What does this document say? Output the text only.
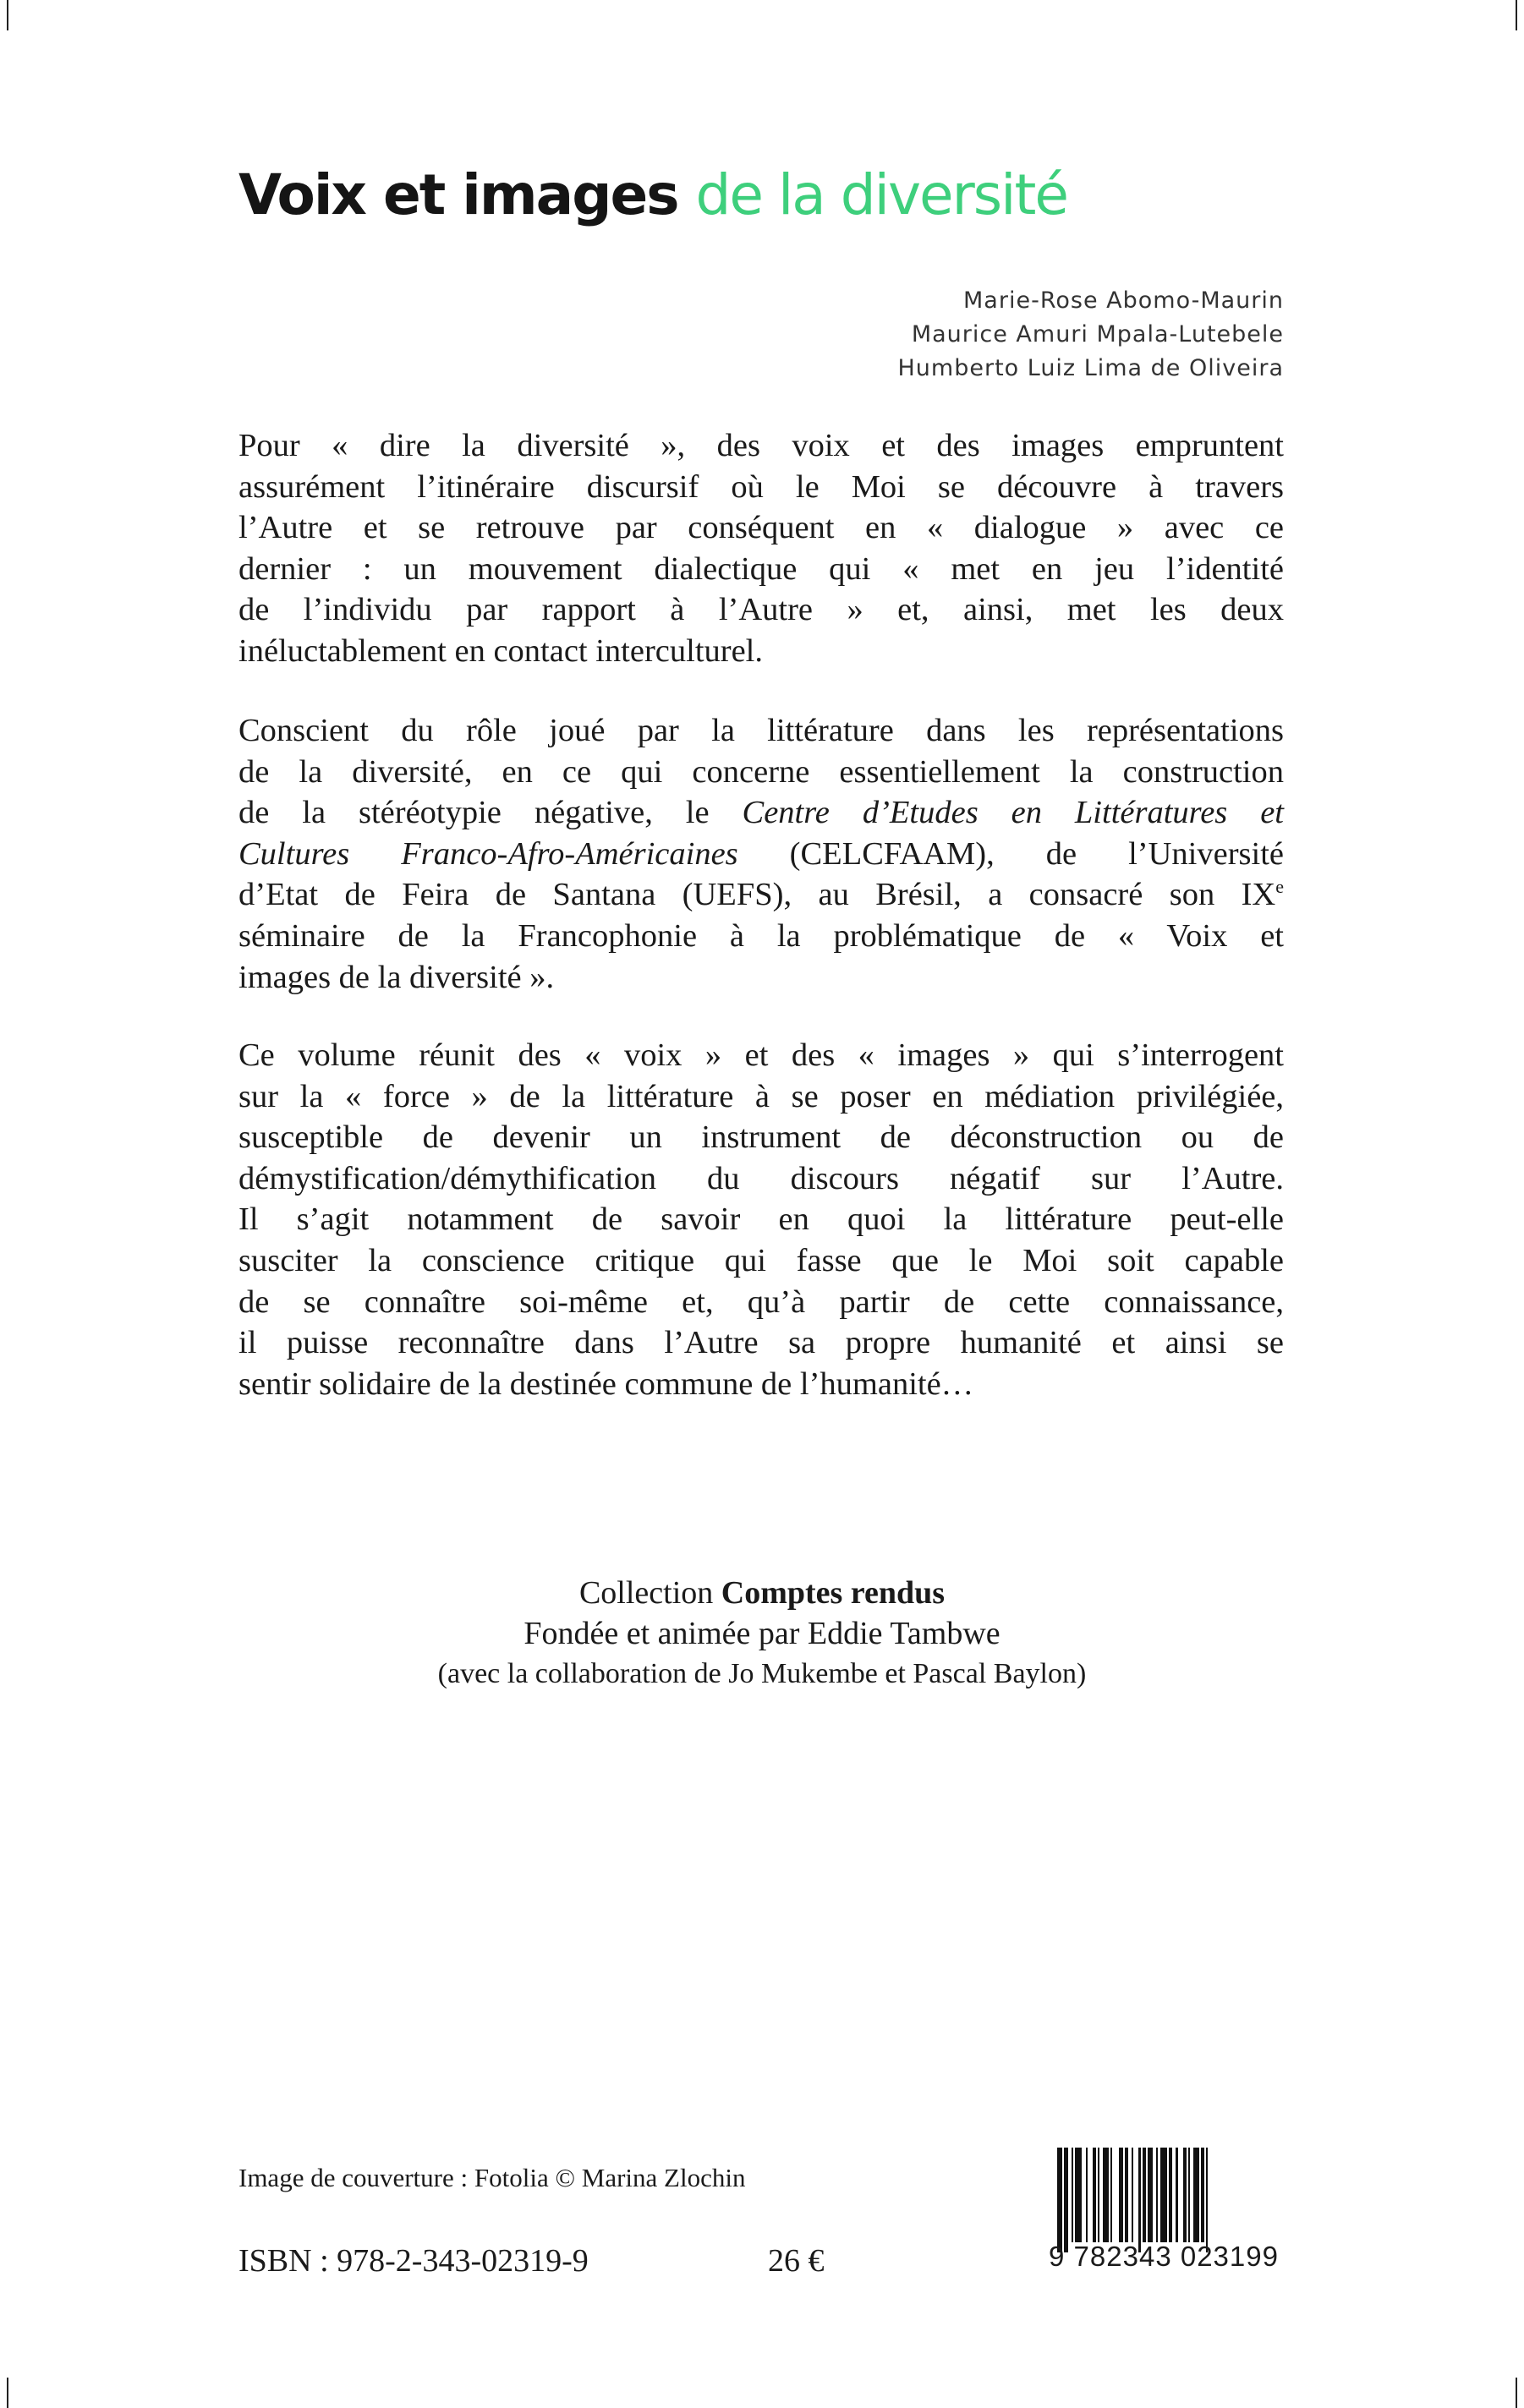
Voix et images de la diversité
Marie-Rose Abomo-Maurin
Maurice Amuri Mpala-Lutebele
Humberto Luiz Lima de Oliveira
Pour « dire la diversité », des voix et des images empruntent
assurément l’itinéraire discursif où le Moi se découvre à travers
l’Autre et se retrouve par conséquent en « dialogue » avec ce
dernier : un mouvement dialectique qui « met en jeu l’identité
de l’individu par rapport à l’Autre » et, ainsi, met les deux
inéluctablement en contact interculturel.
Conscient du rôle joué par la littérature dans les représentations
de la diversité, en ce qui concerne essentiellement la construction
de la stéréotypie négative, le Centre d’Etudes en Littératures et
Cultures Franco-Afro-Américaines (CELCFAAM), de l’Université
d’Etat de Feira de Santana (UEFS), au Brésil, a consacré son IXe
séminaire de la Francophonie à la problématique de « Voix et
images de la diversité ».
Ce volume réunit des « voix » et des « images » qui s’interrogent
sur la « force » de la littérature à se poser en médiation privilégiée,
susceptible de devenir un instrument de déconstruction ou de
démystification/démythification du discours négatif sur l’Autre.
Il s’agit notamment de savoir en quoi la littérature peut-elle
susciter la conscience critique qui fasse que le Moi soit capable
de se connaître soi-même et, qu’à partir de cette connaissance,
il puisse reconnaître dans l’Autre sa propre humanité et ainsi se
sentir solidaire de la destinée commune de l’humanité…
Collection Comptes rendus
Fondée et animée par Eddie Tambwe
(avec la collaboration de Jo Mukembe et Pascal Baylon)
Image de couverture : Fotolia © Marina Zlochin
ISBN : 978-2-343-02319-9	26 €	9 782343 023199
